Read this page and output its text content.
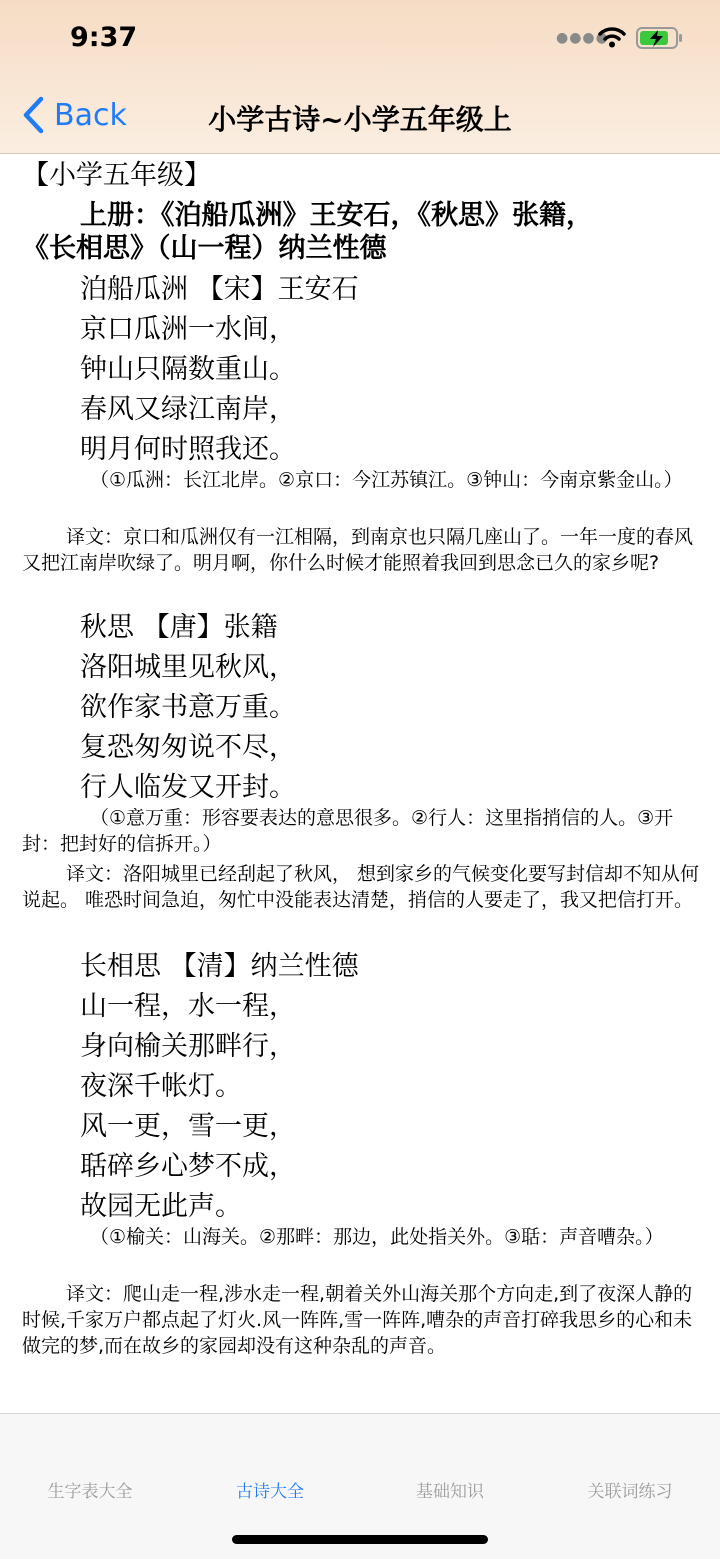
9:37	●●●●
Back	小学古诗~小学五年级上
【小学五年级】
上册：《泊船瓜洲》王安石，《秋思》张籍，
《长相思》（山一程）纳兰性德
泊船瓜洲 【宋】王安石
京口瓜洲一水间，
钟山只隔数重山。
春风又绿江南岸，
明月何时照我还。
（①瓜洲：长江北岸。②京口：今江苏镇江。③钟山：今南京紫金山。）
译文：京口和瓜洲仅有一江相隔，到南京也只隔几座山了。一年一度的春风又把江南岸吹绿了。明月啊，你什么时候才能照着我回到思念已久的家乡呢?
秋思 【唐】张籍
洛阳城里见秋风，
欲作家书意万重。
复恐匆匆说不尽，
行人临发又开封。
（①意万重：形容要表达的意思很多。②行人：这里指捎信的人。③开封：把封好的信拆开。）
译文：洛阳城里已经刮起了秋风， 想到家乡的气候变化要写封信却不知从何说起。 唯恐时间急迫，匆忙中没能表达清楚，捎信的人要走了，我又把信打开。
长相思 【清】纳兰性德
山一程，水一程，
身向榆关那畔行，
夜深千帐灯。
风一更，雪一更，
聒碎乡心梦不成，
故园无此声。
（①榆关：山海关。②那畔：那边，此处指关外。③聒：声音嘈杂。）
译文：爬山走一程,涉水走一程,朝着关外山海关那个方向走,到了夜深人静的时候,千家万户都点起了灯火.风一阵阵,雪一阵阵,嘈杂的声音打碎我思乡的心和未做完的梦,而在故乡的家园却没有这种杂乱的声音。
生字表大全	古诗大全	基础知识	关联词练习
